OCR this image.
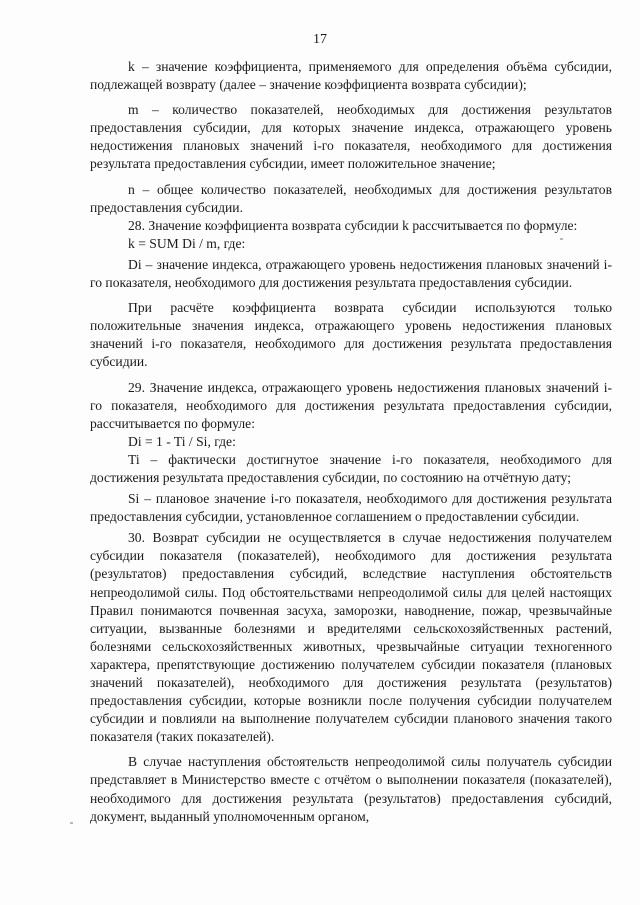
17

k – значение коэффициента, применяемого для определения объёма субсидии, подлежащей возврату (далее – значение коэффициента возврата субсидии);

m – количество показателей, необходимых для достижения результатов предоставления субсидии, для которых значение индекса, отражающего уровень недостижения плановых значений i-го показателя, необходимого для достижения результата предоставления субсидии, имеет положительное значение;

n – общее количество показателей, необходимых для достижения результатов предоставления субсидии.

28. Значение коэффициента возврата субсидии k рассчитывается по формуле:

k = SUM Di / m, где:

Di – значение индекса, отражающего уровень недостижения плановых значений i-го показателя, необходимого для достижения результата предоставления субсидии.

При расчёте коэффициента возврата субсидии используются только положительные значения индекса, отражающего уровень недостижения плановых значений i-го показателя, необходимого для достижения результата предоставления субсидии.

29. Значение индекса, отражающего уровень недостижения плановых значений i-го показателя, необходимого для достижения результата предоставления субсидии, рассчитывается по формуле:

Di = 1 - Ti / Si, где:

Ti – фактически достигнутое значение i-го показателя, необходимого для достижения результата предоставления субсидии, по состоянию на отчётную дату;

Si – плановое значение i-го показателя, необходимого для достижения результата предоставления субсидии, установленное соглашением о предоставлении субсидии.

30. Возврат субсидии не осуществляется в случае недостижения получателем субсидии показателя (показателей), необходимого для достижения результата (результатов) предоставления субсидий, вследствие наступления обстоятельств непреодолимой силы. Под обстоятельствами непреодолимой силы для целей настоящих Правил понимаются почвенная засуха, заморозки, наводнение, пожар, чрезвычайные ситуации, вызванные болезнями и вредителями сельскохозяйственных растений, болезнями сельскохозяйственных животных, чрезвычайные ситуации техногенного характера, препятствующие достижению получателем субсидии показателя (плановых значений показателей), необходимого для достижения результата (результатов) предоставления субсидии, которые возникли после получения субсидии получателем субсидии и повлияли на выполнение получателем субсидии планового значения такого показателя (таких показателей).

В случае наступления обстоятельств непреодолимой силы получатель субсидии представляет в Министерство вместе с отчётом о выполнении показателя (показателей), необходимого для достижения результата (результатов) предоставления субсидий, документ, выданный уполномоченным органом,
